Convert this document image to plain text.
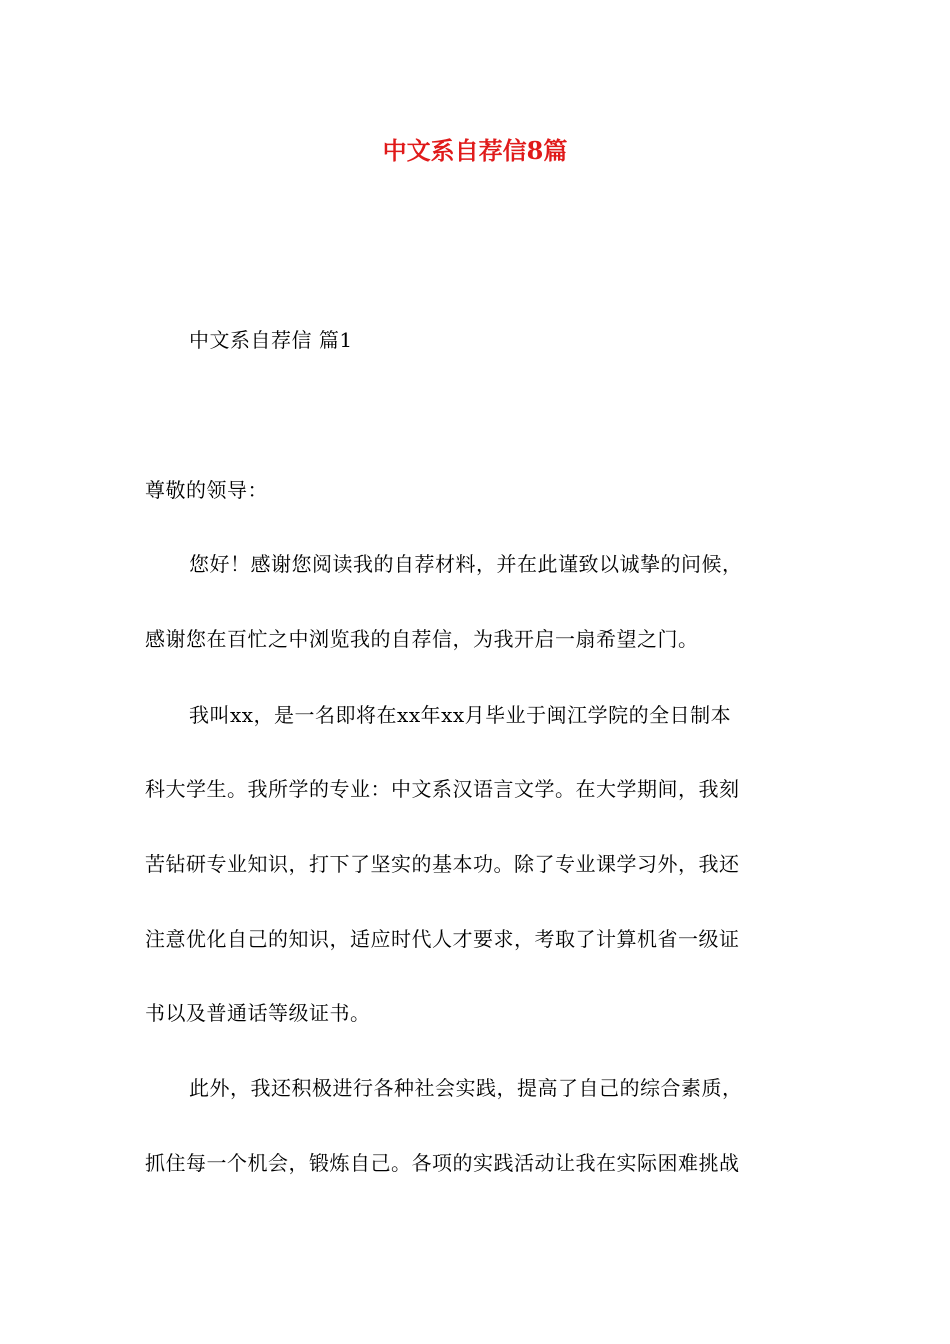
中文系自荐信8篇
中文系自荐信 篇1
尊敬的领导：
您好！感谢您阅读我的自荐材料，并在此谨致以诚挚的问候，
感谢您在百忙之中浏览我的自荐信，为我开启一扇希望之门。
我叫xx，是一名即将在xx年xx月毕业于闽江学院的全日制本
科大学生。我所学的专业：中文系汉语言文学。在大学期间，我刻
苦钻研专业知识，打下了坚实的基本功。除了专业课学习外，我还
注意优化自己的知识，适应时代人才要求，考取了计算机省一级证
书以及普通话等级证书。
此外，我还积极进行各种社会实践，提高了自己的综合素质，
抓住每一个机会，锻炼自己。各项的实践活动让我在实际困难挑战
